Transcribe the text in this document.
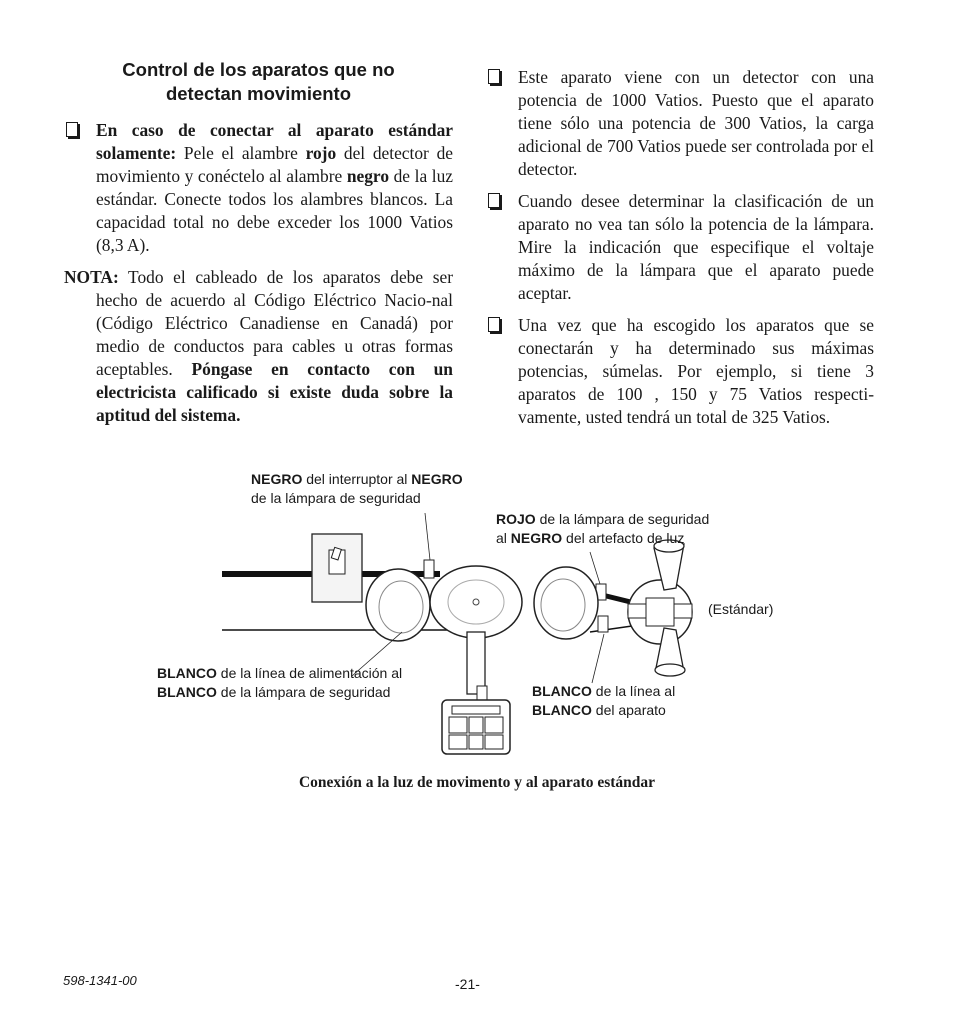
Control de los aparatos que no
detectan movimiento

En caso de conectar al aparato estándar solamente: Pele el alambre rojo del detector de movimiento y conéctelo al alambre negro de la luz estándar. Conecte todos los alambres blancos. La capacidad total no debe exceder los 1000 Vatios (8,3 A).

NOTA: Todo el cableado de los aparatos debe ser hecho de acuerdo al Código Eléctrico Nacio-nal (Código Eléctrico Canadiense en Canadá) por medio de conductos para cables u otras formas aceptables. Póngase en contacto con un electricista calificado si existe duda sobre la aptitud del sistema.

Este aparato viene con un detector con una potencia de 1000 Vatios. Puesto que el aparato tiene sólo una potencia de 300 Vatios, la carga adicional de 700 Vatios puede ser controlada por el detector.

Cuando desee determinar la clasificación de un aparato no vea tan sólo la potencia de la lámpara. Mire la indicación que especifique el voltaje máximo de la lámpara que el aparato puede aceptar.

Una vez que ha escogido los aparatos que se conectarán y ha determinado sus máximas potencias, súmelas. Por ejemplo, si tiene 3 aparatos de 100 , 150 y 75 Vatios respecti-vamente, usted tendrá un total de 325 Vatios.

NEGRO del interruptor al NEGRO
de la lámpara de seguridad
ROJO de la lámpara de seguridad
al NEGRO del artefacto de luz
(Estándar)
BLANCO de la línea de alimentación al
BLANCO de la lámpara de seguridad	BLANCO de la línea al
BLANCO del aparato
Conexión a la luz de movimento y al aparato estándar
598-1341-00	-21-
